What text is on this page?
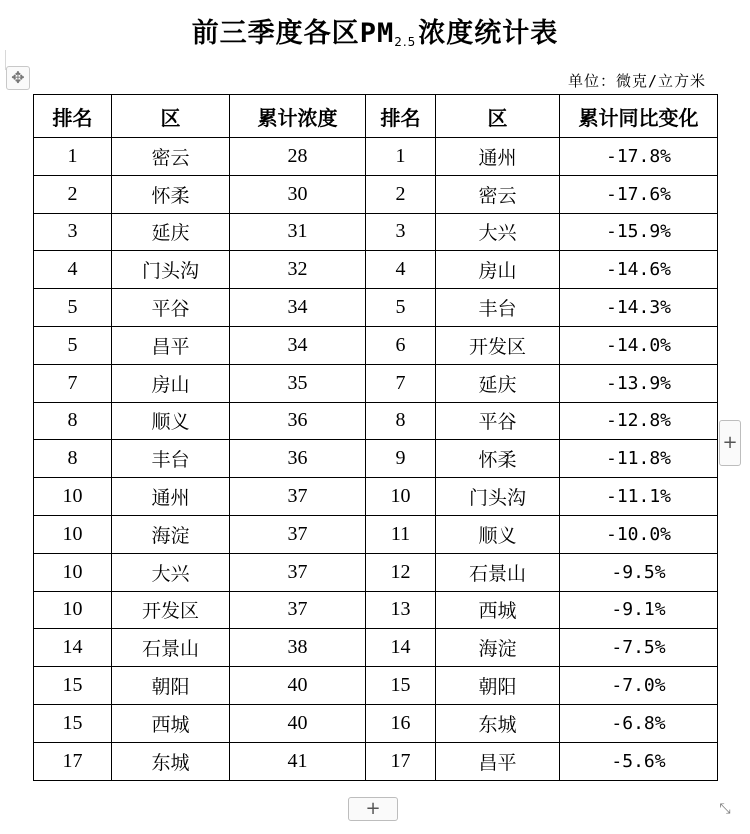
前三季度各区$PM_{2.5}$浓度统计表
✥	单位：微克/立方米
排名	区	累计浓度	排名	区	累计同比变化
1	密云	28	1	通州	-17.8%
2	怀柔	30	2	密云	-17.6%
3	延庆	31	3	大兴	-15.9%
4	门头沟	32	4	房山	-14.6%
5	平谷	34	5	丰台	-14.3%
5	昌平	34	6	开发区	-14.0%
7	房山	35	7	延庆	-13.9%
8	顺义	36	8	平谷	-12.8%
8	丰台	36	9	怀柔	-11.8%
10	通州	37	10	门头沟	-11.1%
10	海淀	37	11	顺义	-10.0%
10	大兴	37	12	石景山	-9.5%
10	开发区	37	13	西城	-9.1%
14	石景山	38	14	海淀	-7.5%
15	朝阳	40	15	朝阳	-7.0%
15	西城	40	16	东城	-6.8%
17	东城	41	17	昌平	-5.6%
+
+	⤡
